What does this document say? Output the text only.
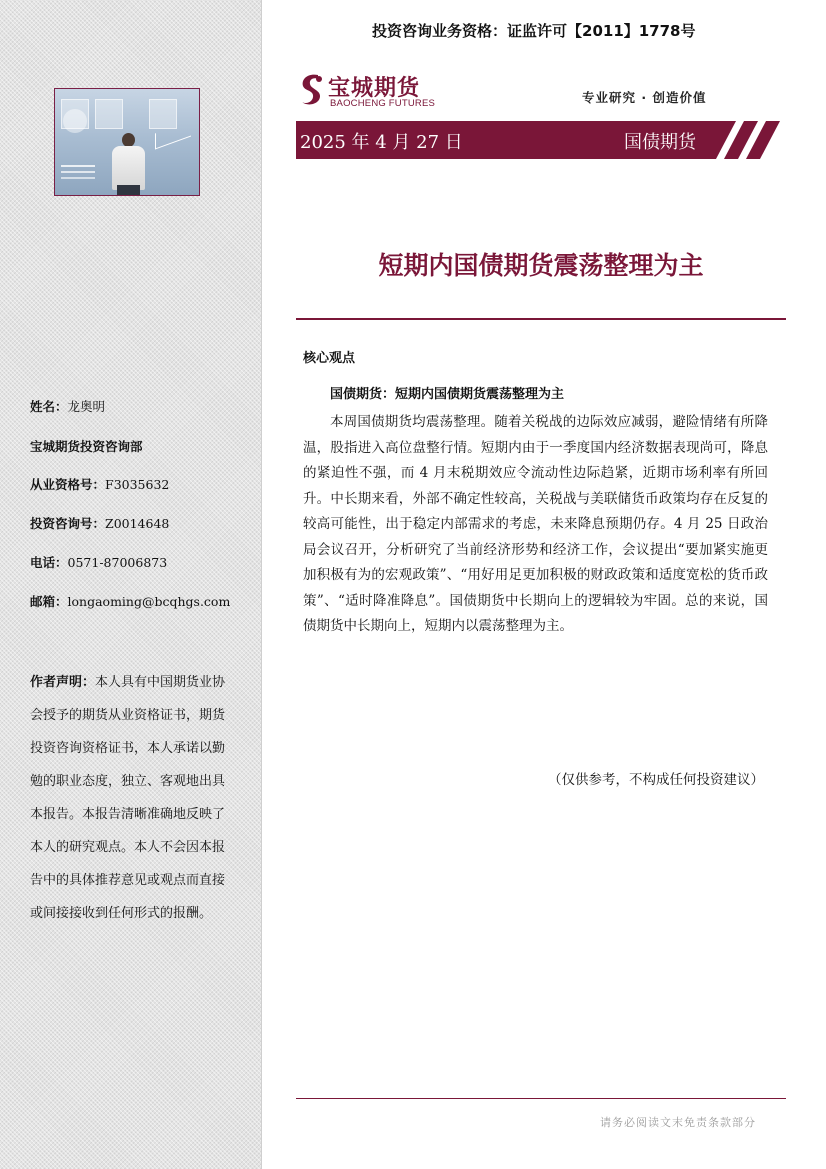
姓名：龙奥明
宝城期货投资咨询部
从业资格号：F3035632
投资咨询号：Z0014648
电话：0571-87006873
邮箱：longaoming@bcqhgs.com
作者声明：本人具有中国期货业协会授予的期货从业资格证书，期货投资咨询资格证书，本人承诺以勤勉的职业态度，独立、客观地出具本报告。本报告清晰准确地反映了本人的研究观点。本人不会因本报告中的具体推荐意见或观点而直接或间接接收到任何形式的报酬。
投资咨询业务资格：证监许可【2011】1778号
宝城期货
BAOCHENG FUTURES	专业研究 · 创造价值
2025 年 4 月 27 日	国债期货
短期内国债期货震荡整理为主
核心观点
国债期货：短期内国债期货震荡整理为主

本周国债期货均震荡整理。随着关税战的边际效应减弱，避险情绪有所降温，股指进入高位盘整行情。短期内由于一季度国内经济数据表现尚可，降息的紧迫性不强，而 4 月末税期效应令流动性边际趋紧，近期市场利率有所回升。中长期来看，外部不确定性较高，关税战与美联储货币政策均存在反复的较高可能性，出于稳定内部需求的考虑，未来降息预期仍存。4 月 25 日政治局会议召开，分析研究了当前经济形势和经济工作，会议提出“要加紧实施更加积极有为的宏观政策”、“用好用足更加积极的财政政策和适度宽松的货币政策”、“适时降准降息”。国债期货中长期向上的逻辑较为牢固。总的来说，国债期货中长期向上，短期内以震荡整理为主。

（仅供参考，不构成任何投资建议）
请务必阅读文末免责条款部分
